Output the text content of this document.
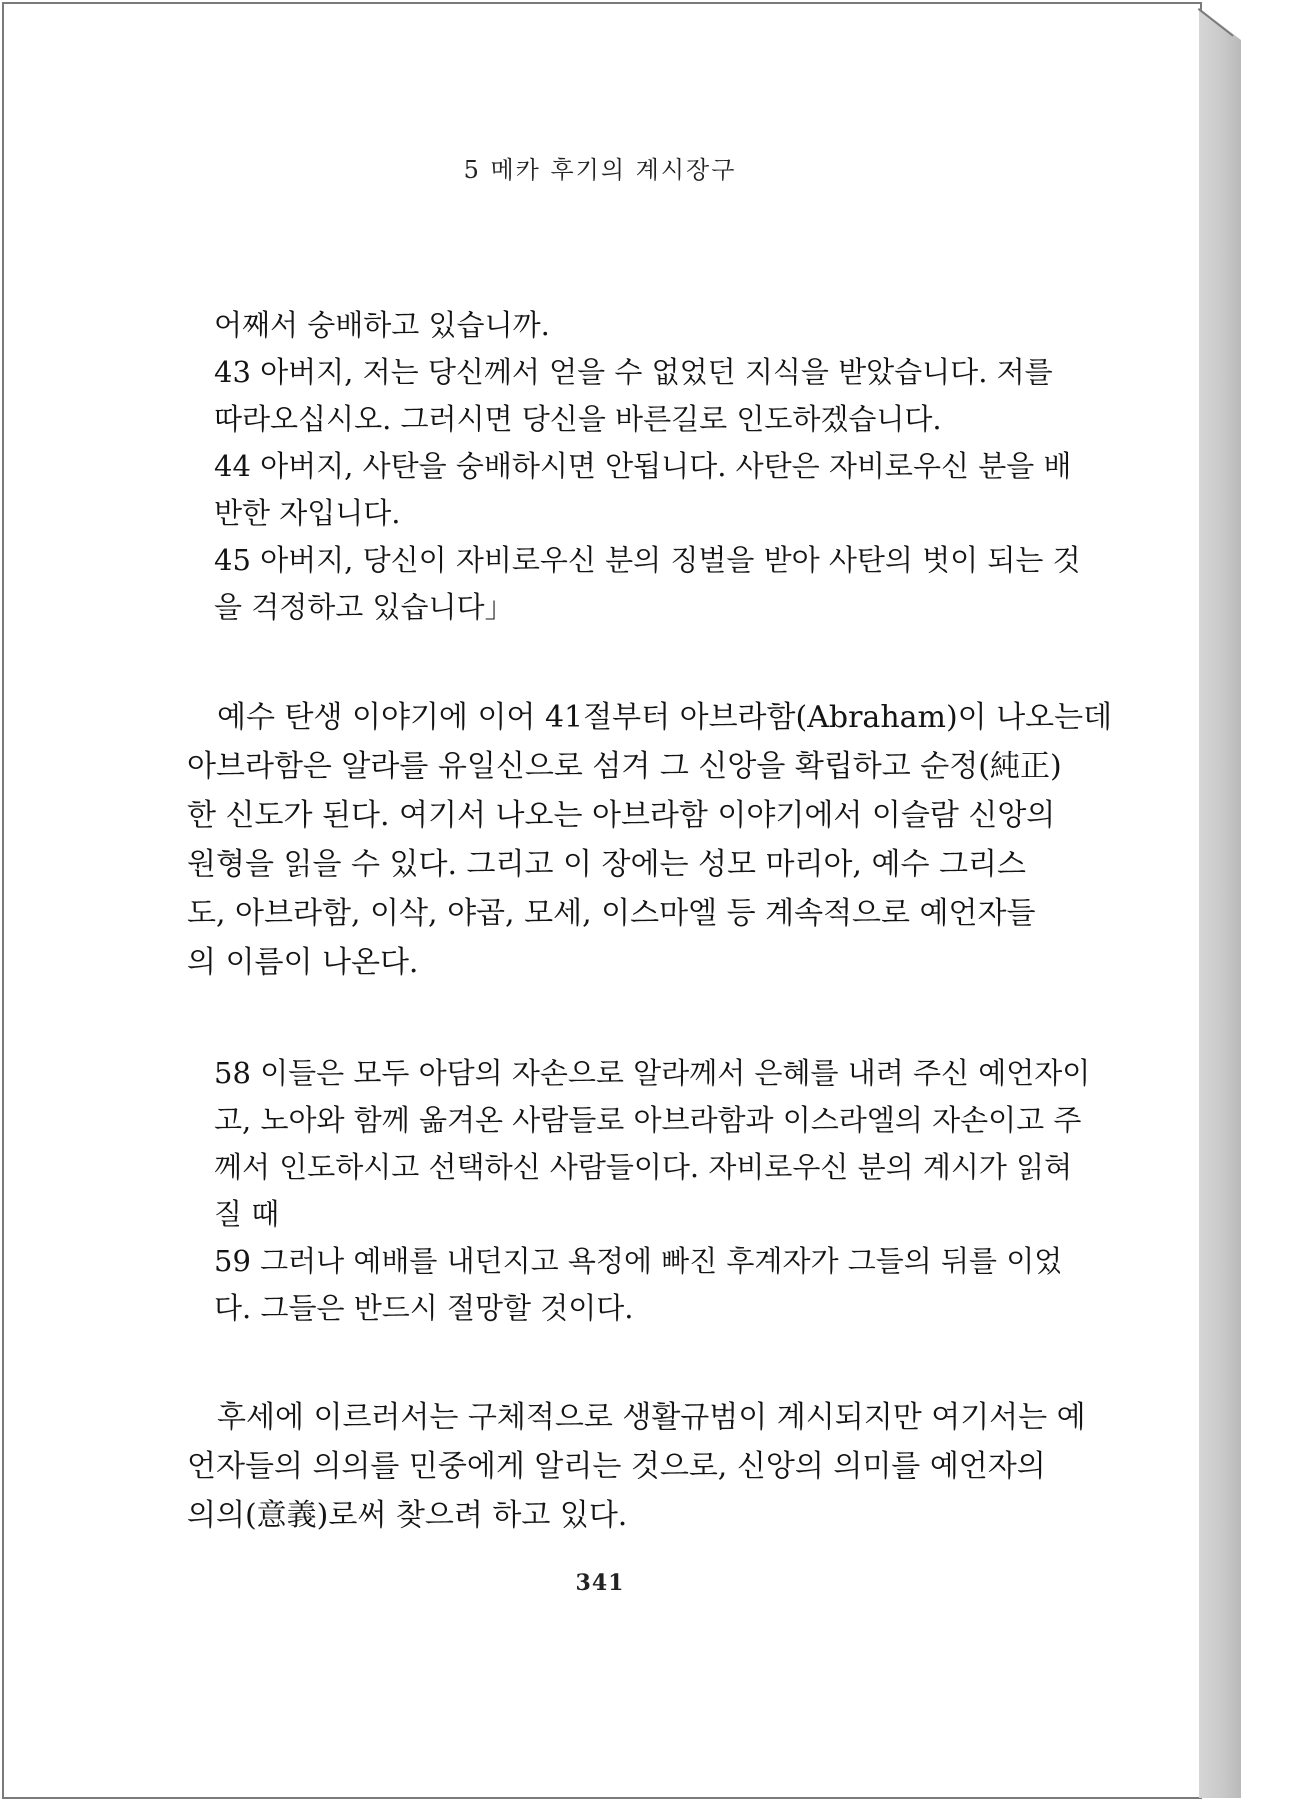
5 메카 후기의 계시장구
어째서 숭배하고 있습니까.
43 아버지, 저는 당신께서 얻을 수 없었던 지식을 받았습니다. 저를
따라오십시오. 그러시면 당신을 바른길로 인도하겠습니다.
44 아버지, 사탄을 숭배하시면 안됩니다. 사탄은 자비로우신 분을 배
반한 자입니다.
45 아버지, 당신이 자비로우신 분의 징벌을 받아 사탄의 벗이 되는 것
을 걱정하고 있습니다」
예수 탄생 이야기에 이어 41절부터 아브라함(Abraham)이 나오는데
아브라함은 알라를 유일신으로 섬겨 그 신앙을 확립하고 순정(純正)
한 신도가 된다. 여기서 나오는 아브라함 이야기에서 이슬람 신앙의
원형을 읽을 수 있다. 그리고 이 장에는 성모 마리아, 예수 그리스
도, 아브라함, 이삭, 야곱, 모세, 이스마엘 등 계속적으로 예언자들
의 이름이 나온다.
58 이들은 모두 아담의 자손으로 알라께서 은혜를 내려 주신 예언자이
고, 노아와 함께 옮겨온 사람들로 아브라함과 이스라엘의 자손이고 주
께서 인도하시고 선택하신 사람들이다. 자비로우신 분의 계시가 읽혀
질 때
59 그러나 예배를 내던지고 욕정에 빠진 후계자가 그들의 뒤를 이었
다. 그들은 반드시 절망할 것이다.
후세에 이르러서는 구체적으로 생활규범이 계시되지만 여기서는 예
언자들의 의의를 민중에게 알리는 것으로, 신앙의 의미를 예언자의
의의(意義)로써 찾으려 하고 있다.
341
